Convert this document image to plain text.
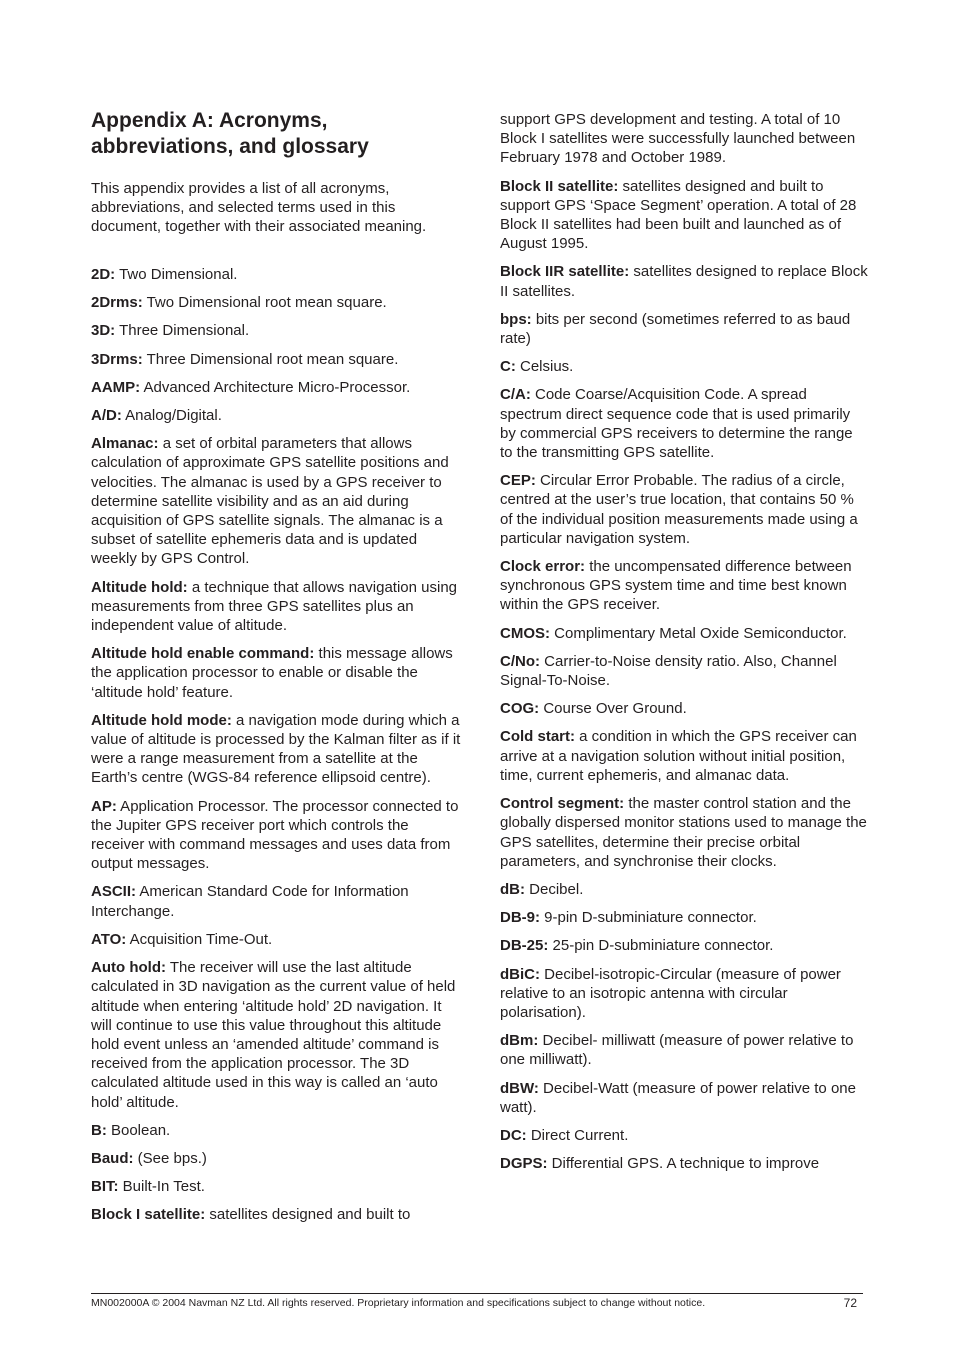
Appendix A: Acronyms, abbreviations, and glossary

This appendix provides a list of all acronyms, abbreviations, and selected terms used in this document, together with their associated meaning.

2D: Two Dimensional.

2Drms: Two Dimensional root mean square.

3D: Three Dimensional.

3Drms: Three Dimensional root mean square.

AAMP: Advanced Architecture Micro-Processor.

A/D: Analog/Digital.

Almanac: a set of orbital parameters that allows calculation of approximate GPS satellite positions and velocities. The almanac is used by a GPS receiver to determine satellite visibility and as an aid during acquisition of GPS satellite signals. The almanac is a subset of satellite ephemeris data and is updated weekly by GPS Control.

Altitude hold: a technique that allows navigation using measurements from three GPS satellites plus an independent value of altitude.

Altitude hold enable command: this message allows the application processor to enable or disable the ‘altitude hold’ feature.

Altitude hold mode: a navigation mode during which a value of altitude is processed by the Kalman filter as if it were a range measurement from a satellite at the Earth’s centre (WGS-84 reference ellipsoid centre).

AP: Application Processor. The processor connected to the Jupiter GPS receiver port which controls the receiver with command messages and uses data from output messages.

ASCII: American Standard Code for Information Interchange.

ATO: Acquisition Time-Out.

Auto hold: The receiver will use the last altitude calculated in 3D navigation as the current value of held altitude when entering ‘altitude hold’ 2D navigation. It will continue to use this value throughout this altitude hold event unless an ‘amended altitude’ command is received from the application processor. The 3D calculated altitude used in this way is called an ‘auto hold’ altitude.

B: Boolean.

Baud: (See bps.)

BIT: Built-In Test.

Block I satellite: satellites designed and built to

support GPS development and testing. A total of 10 Block I satellites were successfully launched between February 1978 and October 1989.

Block II satellite: satellites designed and built to support GPS ‘Space Segment’ operation. A total of 28 Block II satellites had been built and launched as of August 1995.

Block IIR satellite: satellites designed to replace Block II satellites.

bps: bits per second (sometimes referred to as baud rate)

C: Celsius.

C/A: Code Coarse/Acquisition Code. A spread spectrum direct sequence code that is used primarily by commercial GPS receivers to determine the range to the transmitting GPS satellite.

CEP: Circular Error Probable. The radius of a circle, centred at the user’s true location, that contains 50 % of the individual position measurements made using a particular navigation system.

Clock error: the uncompensated difference between synchronous GPS system time and time best known within the GPS receiver.

CMOS: Complimentary Metal Oxide Semiconductor.

C/No: Carrier-to-Noise density ratio. Also, Channel Signal-To-Noise.

COG: Course Over Ground.

Cold start: a condition in which the GPS receiver can arrive at a navigation solution without initial position, time, current ephemeris, and almanac data.

Control segment: the master control station and the globally dispersed monitor stations used to manage the GPS satellites, determine their precise orbital parameters, and synchronise their clocks.

dB: Decibel.

DB-9: 9-pin D-subminiature connector.

DB-25: 25-pin D-subminiature connector.

dBiC: Decibel-isotropic-Circular (measure of power relative to an isotropic antenna with circular polarisation).

dBm: Decibel- milliwatt (measure of power relative to one milliwatt).

dBW: Decibel-Watt (measure of power relative to one watt).

DC: Direct Current.

DGPS: Differential GPS. A technique to improve

MN002000A © 2004 Navman NZ Ltd. All rights reserved. Proprietary information and specifications subject to change without notice.	72
